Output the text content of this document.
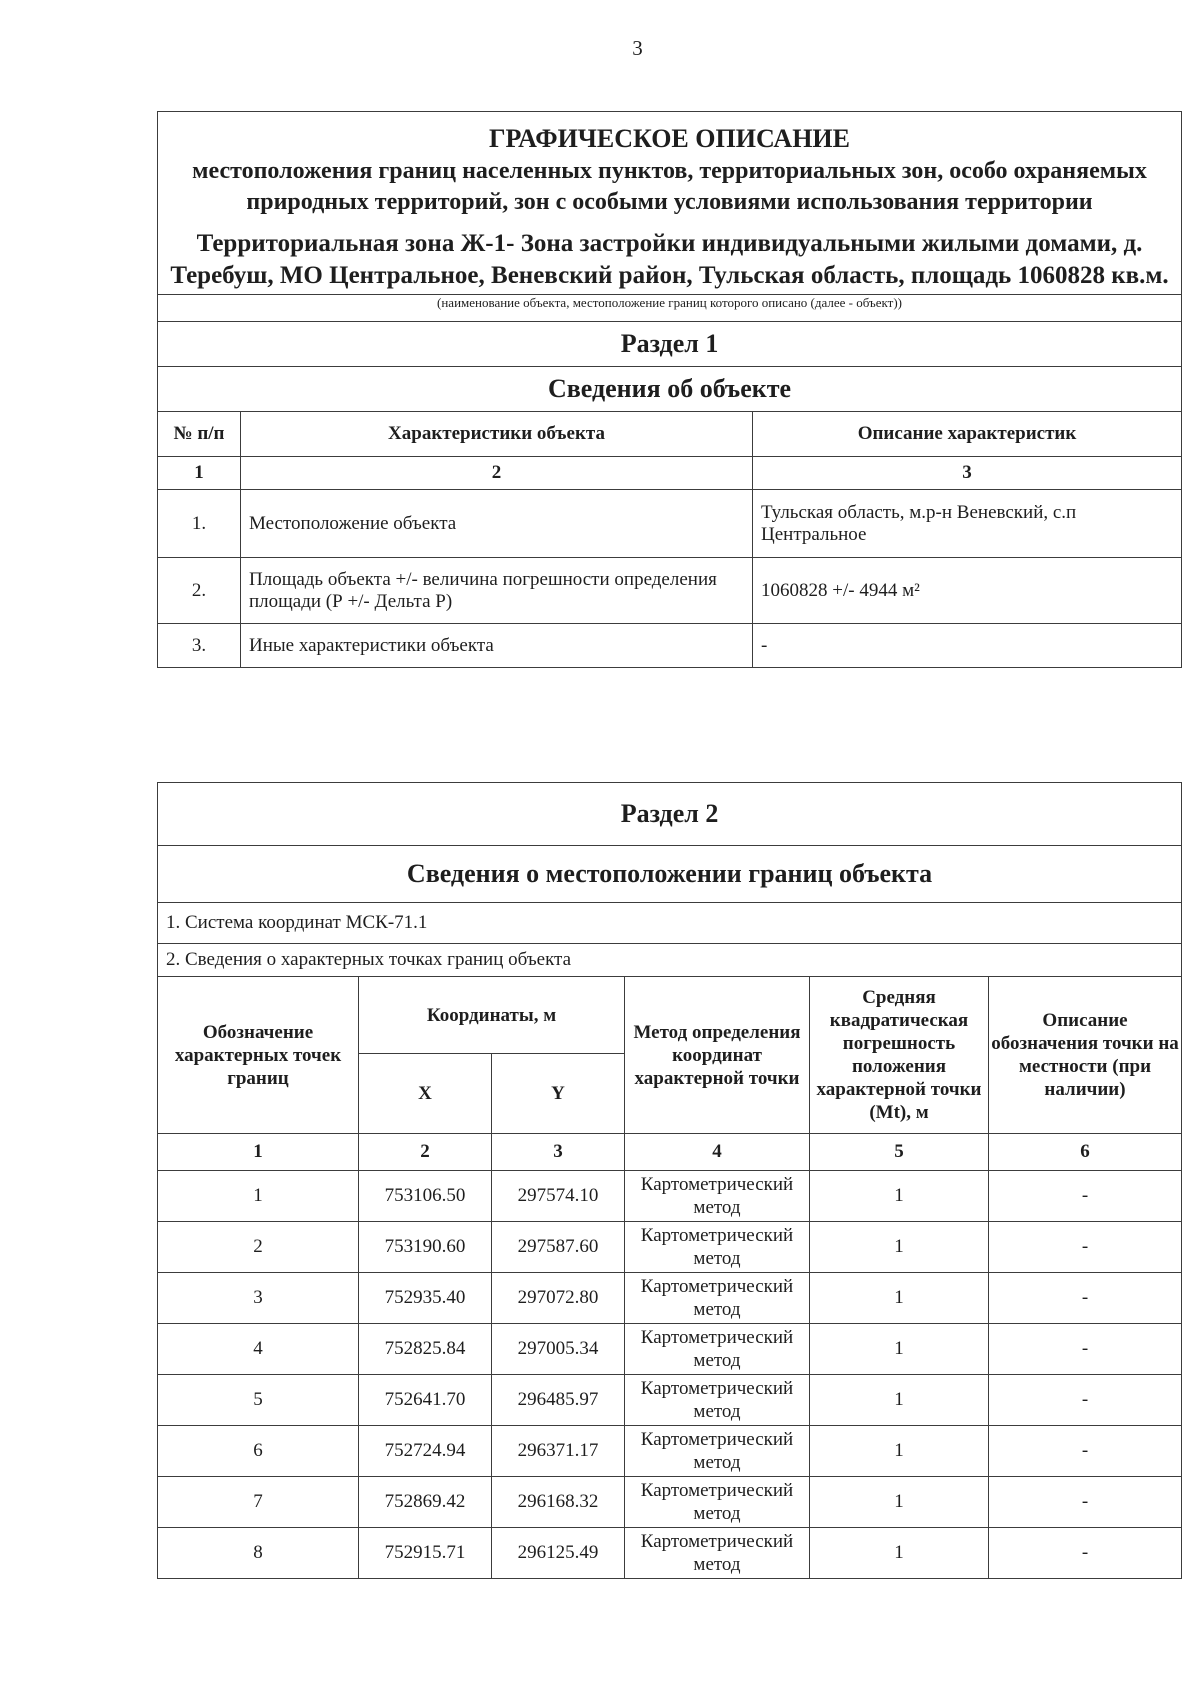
3
ГРАФИЧЕСКОЕ ОПИСАНИЕ
местоположения границ населенных пунктов, территориальных зон, особо охраняемых природных территорий, зон с особыми условиями использования территории
Территориальная зона Ж-1- Зона застройки индивидуальными жилыми домами, д. Теребуш, МО Центральное, Веневский район, Тульская область, площадь 1060828 кв.м.		

(наименование объекта, местоположение границ которого описано (далее - объект))		
Раздел 1		
Сведения об объекте		
№ п/п	Характеристики объекта	Описание характеристик
1	2	3
1.	Местоположение объекта	Тульская область, м.р-н Веневский, с.п Центральное
2.	Площадь объекта +/- величина погрешности определения площади (Р +/- Дельта Р)	1060828 +/- 4944 м²
3.	Иные характеристики объекта	-
Раздел 2					
Сведения о местоположении границ объекта					
1. Система координат МСК-71.1					
2. Сведения о характерных точках границ объекта					
Обозначение характерных точек границ	Координаты, м		Метод определения координат характерной точки	Средняя квадратическая погрешность положения характерной точки (Mt), м	Описание обозначения точки на местности (при наличии)
	X	Y			
1	2	3	4	5	6
1	753106.50	297574.10	Картометрический метод	1	-
2	753190.60	297587.60	Картометрический метод	1	-
3	752935.40	297072.80	Картометрический метод	1	-
4	752825.84	297005.34	Картометрический метод	1	-
5	752641.70	296485.97	Картометрический метод	1	-
6	752724.94	296371.17	Картометрический метод	1	-
7	752869.42	296168.32	Картометрический метод	1	-
8	752915.71	296125.49	Картометрический метод	1	-
